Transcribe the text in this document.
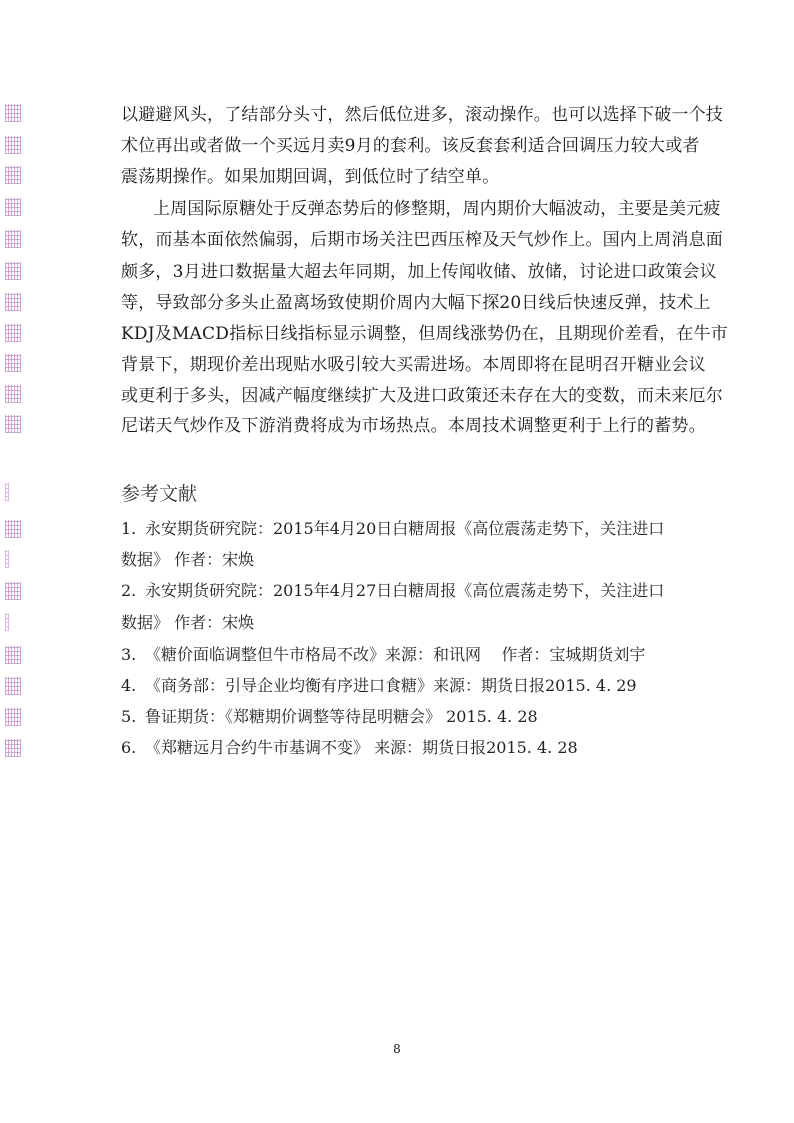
以避避风头，了结部分头寸，然后低位进多，滚动操作。也可以选择下破一个技
术位再出或者做一个买远月卖9月的套利。该反套套利适合回调压力较大或者
震荡期操作。如果加期回调，到低位时了结空单。
上周国际原糖处于反弹态势后的修整期，周内期价大幅波动，主要是美元疲
软，而基本面依然偏弱，后期市场关注巴西压榨及天气炒作上。国内上周消息面
颇多，3月进口数据量大超去年同期，加上传闻收储、放储，讨论进口政策会议
等，导致部分多头止盈离场致使期价周内大幅下探20日线后快速反弹，技术上
KDJ及MACD指标日线指标显示调整，但周线涨势仍在，且期现价差看，在牛市
背景下，期现价差出现贴水吸引较大买需进场。本周即将在昆明召开糖业会议
或更利于多头，因减产幅度继续扩大及进口政策还未存在大的变数，而未来厄尔
尼诺天气炒作及下游消费将成为市场热点。本周技术调整更利于上行的蓄势。
参考文献
1. 永安期货研究院：2015年4月20日白糖周报《高位震荡走势下，关注进口
数据》 作者：宋焕
2. 永安期货研究院：2015年4月27日白糖周报《高位震荡走势下，关注进口
数据》 作者：宋焕
3. 《糖价面临调整但牛市格局不改》来源：和讯网    作者：宝城期货刘宇
4. 《商务部：引导企业均衡有序进口食糖》来源：期货日报2015. 4. 29
5. 鲁证期货：《郑糖期价调整等待昆明糖会》 2015. 4. 28
6. 《郑糖远月合约牛市基调不变》 来源：期货日报2015. 4. 28
8
